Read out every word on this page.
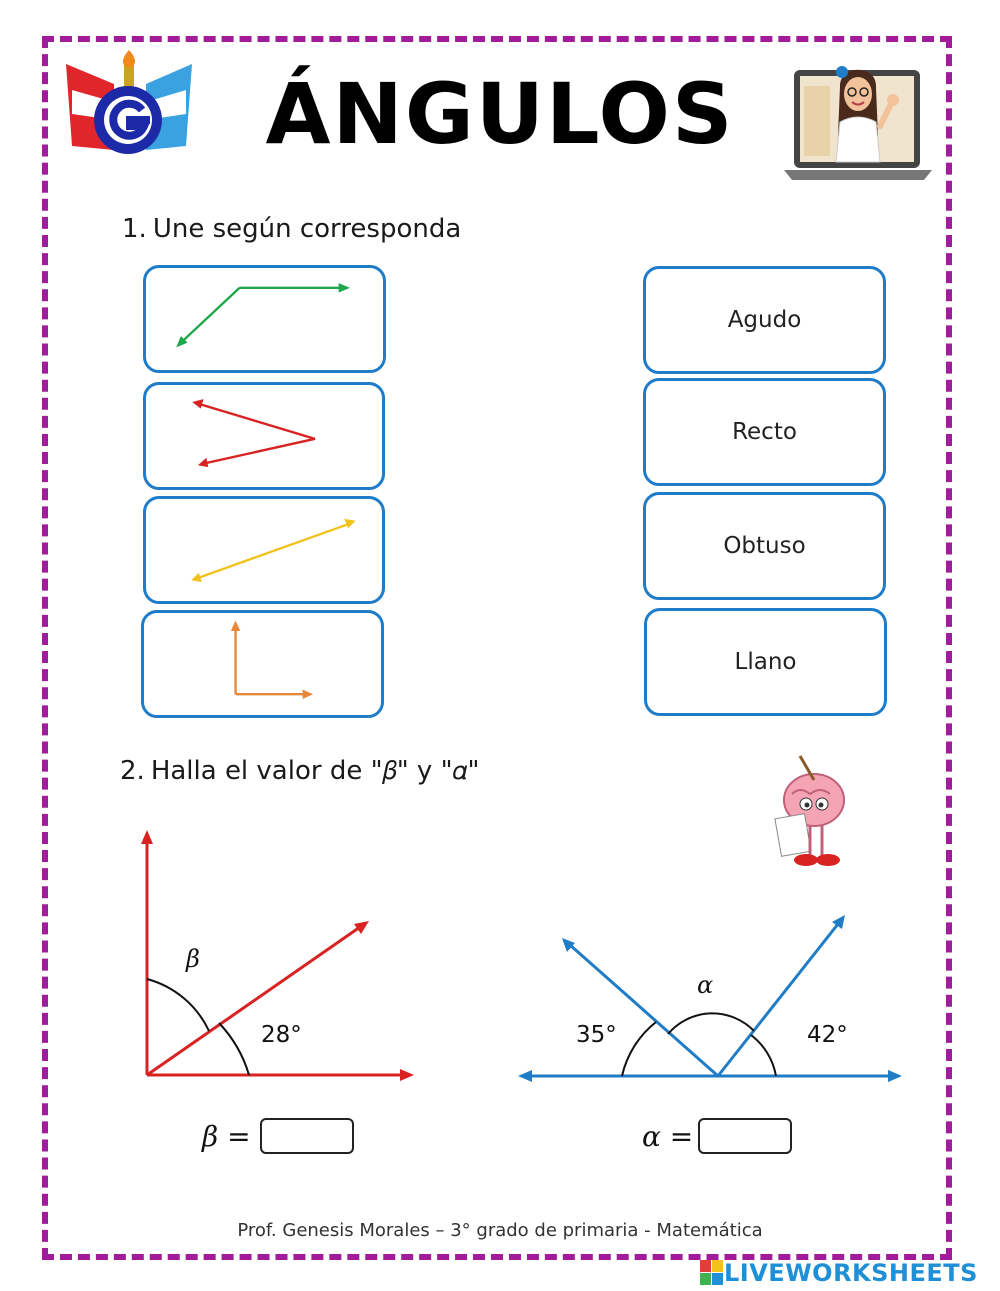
ÁNGULOS
1. Une según corresponda
Agudo
Recto
Obtuso
Llano
2. Halla el valor de "𝛽" y "𝛼"
𝛽
28°
𝛽 =
𝛼
35°	42°
𝛼 =
Prof. Genesis Morales – 3° grado de primaria - Matemática
LIVEWORKSHEETS
